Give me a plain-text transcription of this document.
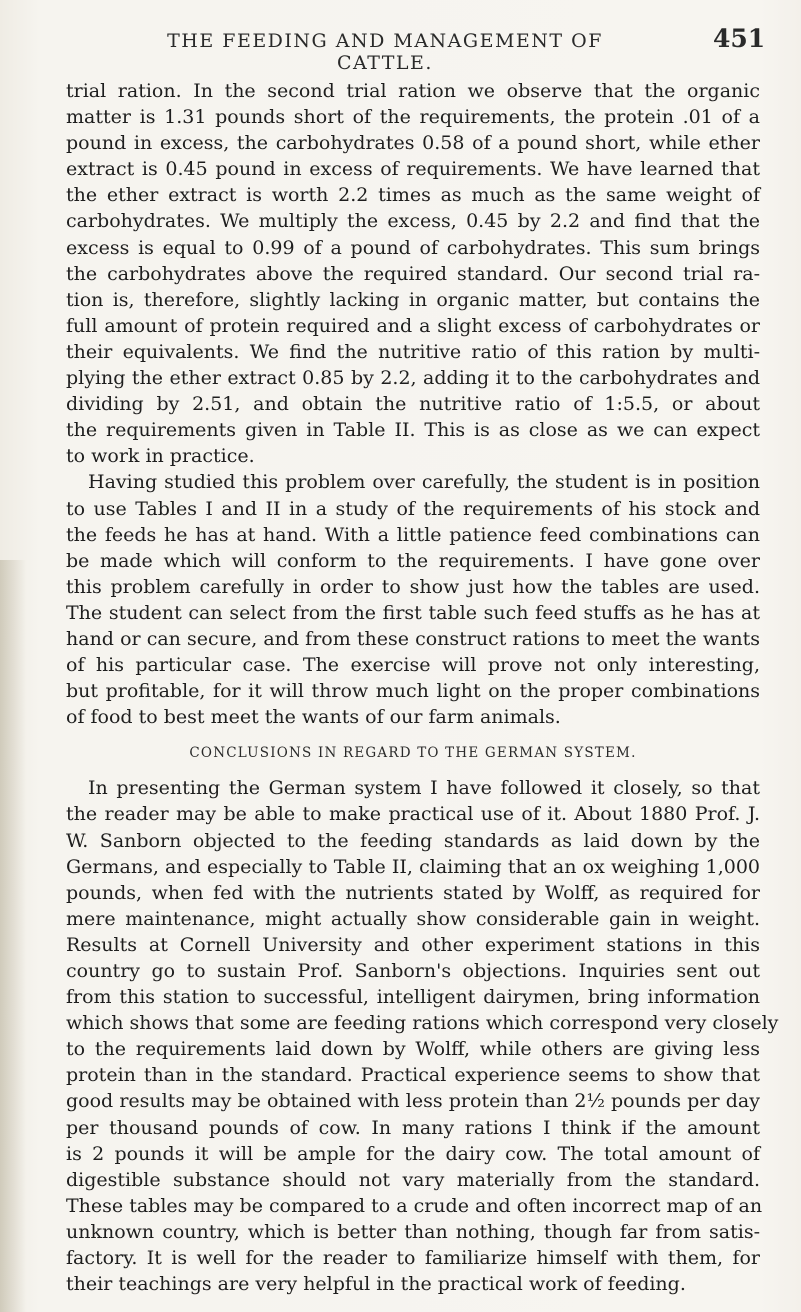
THE FEEDING AND MANAGEMENT OF CATTLE.
451

trial ration. In the second trial ration we observe that the organic
matter is 1.31 pounds short of the requirements, the protein .01 of a
pound in excess, the carbohydrates 0.58 of a pound short, while ether
extract is 0.45 pound in excess of requirements. We have learned that
the ether extract is worth 2.2 times as much as the same weight of
carbohydrates. We multiply the excess, 0.45 by 2.2 and find that the
excess is equal to 0.99 of a pound of carbohydrates. This sum brings
the carbohydrates above the required standard. Our second trial ra-
tion is, therefore, slightly lacking in organic matter, but contains the
full amount of protein required and a slight excess of carbohydrates or
their equivalents. We find the nutritive ratio of this ration by multi-
plying the ether extract 0.85 by 2.2, adding it to the carbohydrates and
dividing by 2.51, and obtain the nutritive ratio of 1:5.5, or about
the requirements given in Table II. This is as close as we can expect
to work in practice.

Having studied this problem over carefully, the student is in position
to use Tables I and II in a study of the requirements of his stock and
the feeds he has at hand. With a little patience feed combinations can
be made which will conform to the requirements. I have gone over
this problem carefully in order to show just how the tables are used.
The student can select from the first table such feed stuffs as he has at
hand or can secure, and from these construct rations to meet the wants
of his particular case. The exercise will prove not only interesting,
but profitable, for it will throw much light on the proper combinations
of food to best meet the wants of our farm animals.

CONCLUSIONS IN REGARD TO THE GERMAN SYSTEM.

In presenting the German system I have followed it closely, so that
the reader may be able to make practical use of it. About 1880 Prof. J.
W. Sanborn objected to the feeding standards as laid down by the
Germans, and especially to Table II, claiming that an ox weighing 1,000
pounds, when fed with the nutrients stated by Wolff, as required for
mere maintenance, might actually show considerable gain in weight.
Results at Cornell University and other experiment stations in this
country go to sustain Prof. Sanborn's objections. Inquiries sent out
from this station to successful, intelligent dairymen, bring information
which shows that some are feeding rations which correspond very closely
to the requirements laid down by Wolff, while others are giving less
protein than in the standard. Practical experience seems to show that
good results may be obtained with less protein than 2½ pounds per day
per thousand pounds of cow. In many rations I think if the amount
is 2 pounds it will be ample for the dairy cow. The total amount of
digestible substance should not vary materially from the standard.
These tables may be compared to a crude and often incorrect map of an
unknown country, which is better than nothing, though far from satis-
factory. It is well for the reader to familiarize himself with them, for
their teachings are very helpful in the practical work of feeding.
